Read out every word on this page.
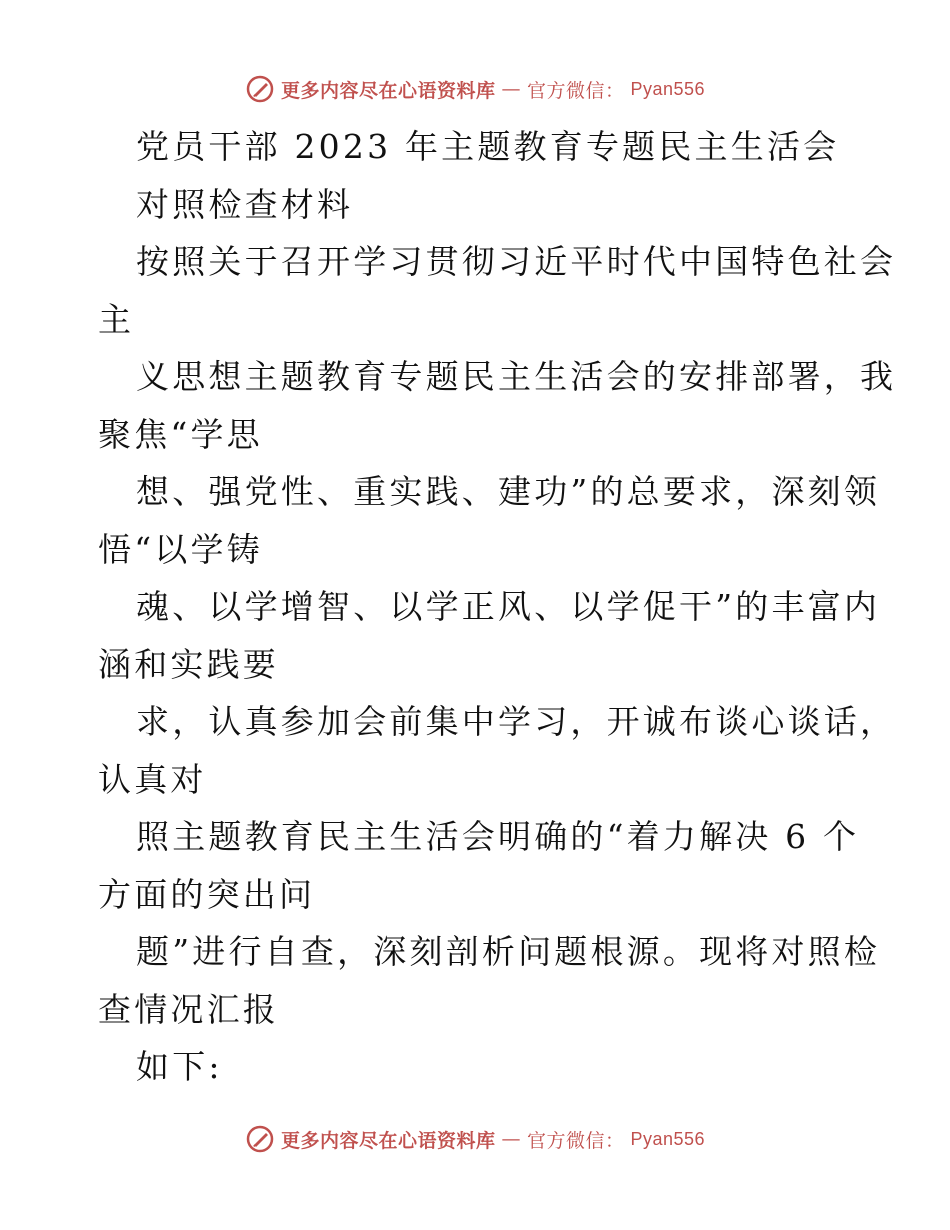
更多内容尽在心语资料库 — 官方微信： Pyan556
党员干部 2023 年主题教育专题民主生活会
对照检查材料
按照关于召开学习贯彻习近平时代中国特色社会
主
义思想主题教育专题民主生活会的安排部署，我
聚焦“学思
想、强党性、重实践、建功”的总要求，深刻领
悟“以学铸
魂、以学增智、以学正风、以学促干”的丰富内
涵和实践要
求，认真参加会前集中学习，开诚布谈心谈话，
认真对
照主题教育民主生活会明确的“着力解决 6 个
方面的突出问
题”进行自查，深刻剖析问题根源。现将对照检
查情况汇报
如下:
更多内容尽在心语资料库 — 官方微信： Pyan556
